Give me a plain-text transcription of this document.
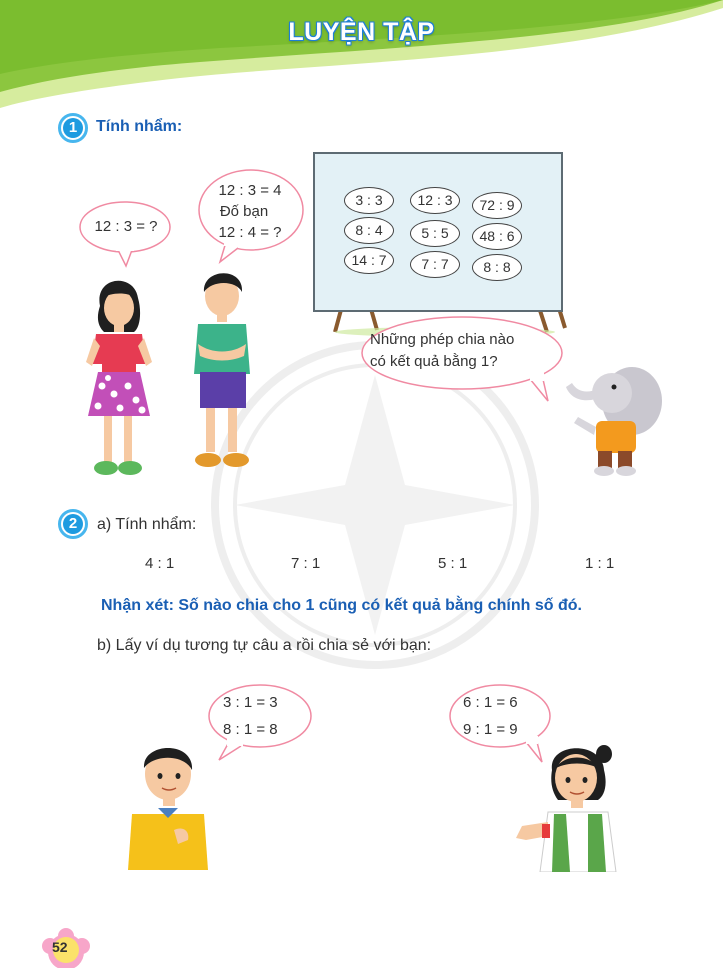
LUYỆN TẬP
1	Tính nhẩm:
12 : 3 = ?
12 : 3 = 4
Đố bạn
12 : 4 = ?
3 : 3	12 : 3	72 : 9
8 : 4	5 : 5	48 : 6
14 : 7	7 : 7	8 : 8
Những phép chia nào
có kết quả bằng 1?
2	a) Tính nhẩm:
4 : 1	7 : 1	5 : 1	1 : 1
Nhận xét: Số nào chia cho 1 cũng có kết quả bằng chính số đó.
b) Lấy ví dụ tương tự câu a rồi chia sẻ với bạn:
3 : 1 = 3
8 : 1 = 8
6 : 1 = 6
9 : 1 = 9
52
